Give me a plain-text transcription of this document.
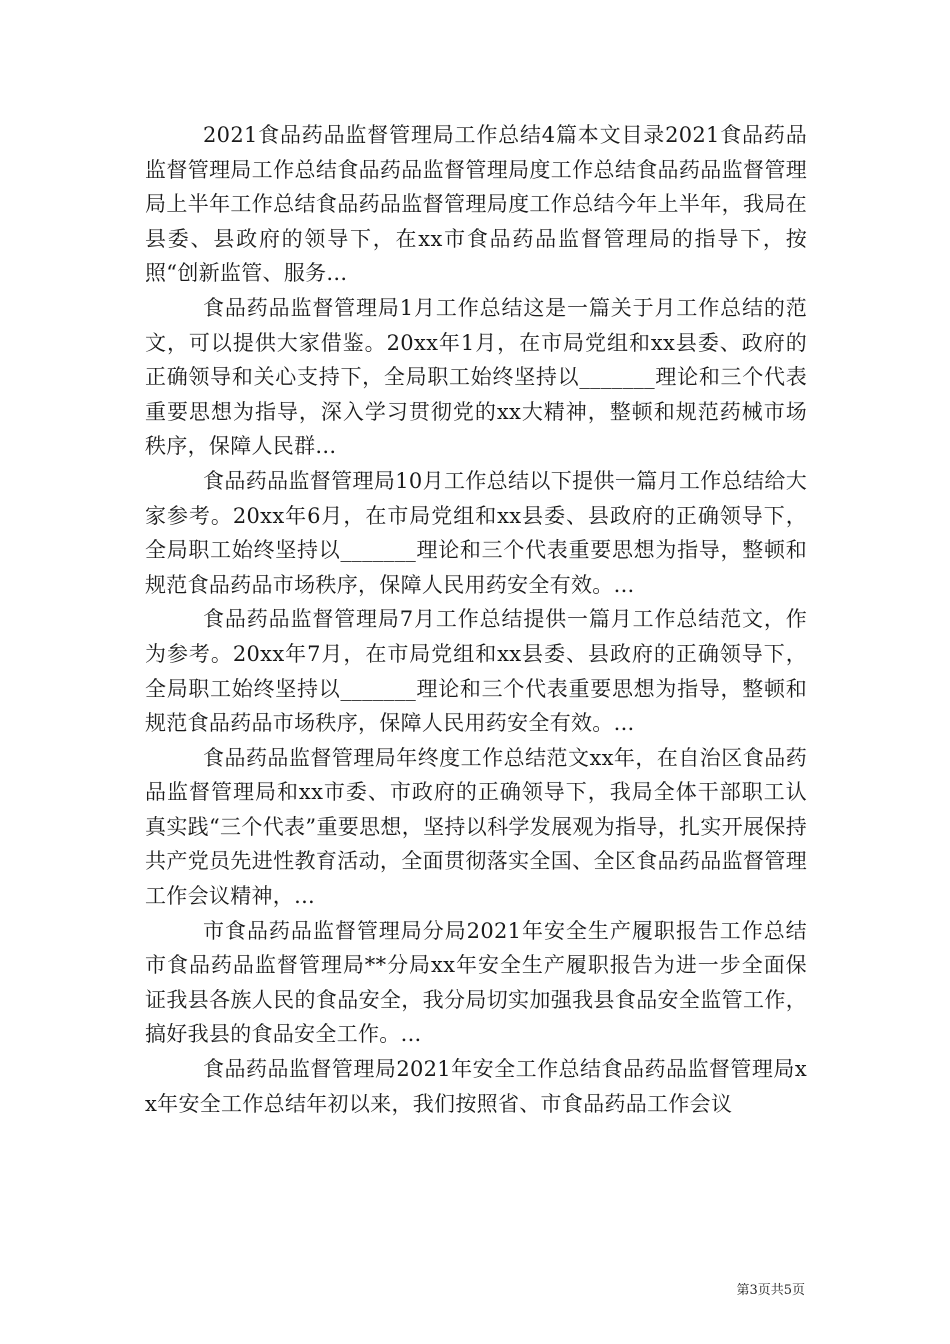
2021食品药品监督管理局工作总结4篇本文目录2021食品药品监督管理局工作总结食品药品监督管理局度工作总结食品药品监督管理局上半年工作总结食品药品监督管理局度工作总结今年上半年，我局在县委、县政府的领导下，在xx市食品药品监督管理局的指导下，按照“创新监管、服务...

食品药品监督管理局1月工作总结这是一篇关于月工作总结的范文，可以提供大家借鉴。20xx年1月，在市局党组和xx县委、政府的正确领导和关心支持下，全局职工始终坚持以_______理论和三个代表重要思想为指导，深入学习贯彻党的xx大精神，整顿和规范药械市场秩序，保障人民群...

食品药品监督管理局10月工作总结以下提供一篇月工作总结给大家参考。20xx年6月，在市局党组和xx县委、县政府的正确领导下，全局职工始终坚持以_______理论和三个代表重要思想为指导，整顿和规范食品药品市场秩序，保障人民用药安全有效。...

食品药品监督管理局7月工作总结提供一篇月工作总结范文，作为参考。20xx年7月，在市局党组和xx县委、县政府的正确领导下，全局职工始终坚持以_______理论和三个代表重要思想为指导，整顿和规范食品药品市场秩序，保障人民用药安全有效。...

食品药品监督管理局年终度工作总结范文xx年，在自治区食品药品监督管理局和xx市委、市政府的正确领导下，我局全体干部职工认真实践“三个代表”重要思想，坚持以科学发展观为指导，扎实开展保持共产党员先进性教育活动，全面贯彻落实全国、全区食品药品监督管理工作会议精神，...

市食品药品监督管理局分局2021年安全生产履职报告工作总结市食品药品监督管理局**分局xx年安全生产履职报告为进一步全面保证我县各族人民的食品安全，我分局切实加强我县食品安全监管工作，搞好我县的食品安全工作。...

食品药品监督管理局2021年安全工作总结食品药品监督管理局xx年安全工作总结年初以来，我们按照省、市食品药品工作会议

第3页共5页
